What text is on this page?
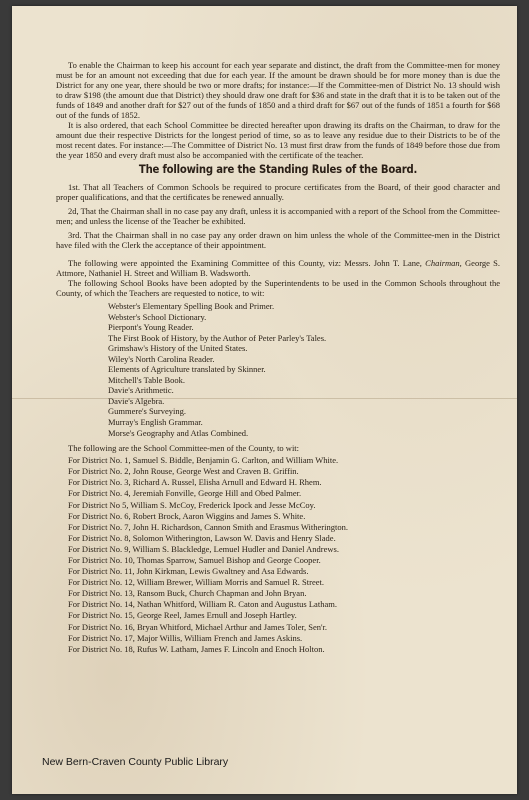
To enable the Chairman to keep his account for each year separate and distinct, the draft from the Committee-men for money must be for an amount not exceeding that due for each year. If the amount be drawn should be for more money than is due the District for any one year, there should be two or more drafts; for instance:—If the Committee-men of District No. 13 should wish to draw $198 (the amount due that District) they should draw one draft for $36 and state in the draft that it is to be taken out of the funds of 1849 and another draft for $27 out of the funds of 1850 and a third draft for $67 out of the funds of 1851 a fourth for $68 out of the funds of 1852.

It is also ordered, that each School Committee be directed hereafter upon drawing its drafts on the Chairman, to draw for the amount due their respective Districts for the longest period of time, so as to leave any residue due to their Districts to be of the most recent dates. For instance:—The Committee of District No. 13 must first draw from the funds of 1849 before those due from the year 1850 and every draft must also be accompanied with the certificate of the teacher.

The following are the Standing Rules of the Board.

1st. That all Teachers of Common Schools be required to procure certificates from the Board, of their good character and proper qualifications, and that the certificates be renewed annually.

2d, That the Chairman shall in no case pay any draft, unless it is accompanied with a report of the School from the Committee-men; and unless the license of the Teacher be exhibited.

3rd. That the Chairman shall in no case pay any order drawn on him unless the whole of the Committee-men in the District have filed with the Clerk the acceptance of their appointment.

The following were appointed the Examining Committee of this County, viz: Messrs. John T. Lane, Chairman, George S. Attmore, Nathaniel H. Street and William B. Wadsworth.

The following School Books have been adopted by the Superintendents to be used in the Common Schools throughout the County, of which the Teachers are requested to notice, to wit:

Webster's Elementary Spelling Book and Primer.
Webster's School Dictionary.
Pierpont's Young Reader.
The First Book of History, by the Author of Peter Parley's Tales.
Grimshaw's History of the United States.
Wiley's North Carolina Reader.
Elements of Agriculture translated by Skinner.
Mitchell's Table Book.
Davie's Arithmetic.
Davie's Algebra.
Gummere's Surveying.
Murray's English Grammar.
Morse's Geography and Atlas Combined.

The following are the School Committee-men of the County, to wit:

For District No. 1, Samuel S. Biddle, Benjamin G. Carlton, and William White.
For District No. 2, John Rouse, George West and Craven B. Griffin.
For District No. 3, Richard A. Russel, Elisha Arnull and Edward H. Rhem.
For District No. 4, Jeremiah Fonville, George Hill and Obed Palmer.
For District No 5, William S. McCoy, Frederick Ipock and Jesse McCoy.
For District No. 6, Robert Brock, Aaron Wiggins and James S. White.
For District No. 7, John H. Richardson, Cannon Smith and Erasmus Witherington.
For District No. 8, Solomon Witherington, Lawson W. Davis and Henry Slade.
For District No. 9, William S. Blackledge, Lemuel Hudler and Daniel Andrews.
For District No. 10, Thomas Sparrow, Samuel Bishop and George Cooper.
For District No. 11, John Kirkman, Lewis Gwaltney and Asa Edwards.
For District No. 12, William Brewer, William Morris and Samuel R. Street.
For District No. 13, Ransom Buck, Church Chapman and John Bryan.
For District No. 14, Nathan Whitford, William R. Caton and Augustus Latham.
For District No. 15, George Reel, James Ernull and Joseph Hartley.
For District No. 16, Bryan Whitford, Michael Arthur and James Toler, Sen'r.
For District No. 17, Major Willis, William French and James Askins.
For District No. 18, Rufus W. Latham, James F. Lincoln and Enoch Holton.
New Bern-Craven County Public Library
